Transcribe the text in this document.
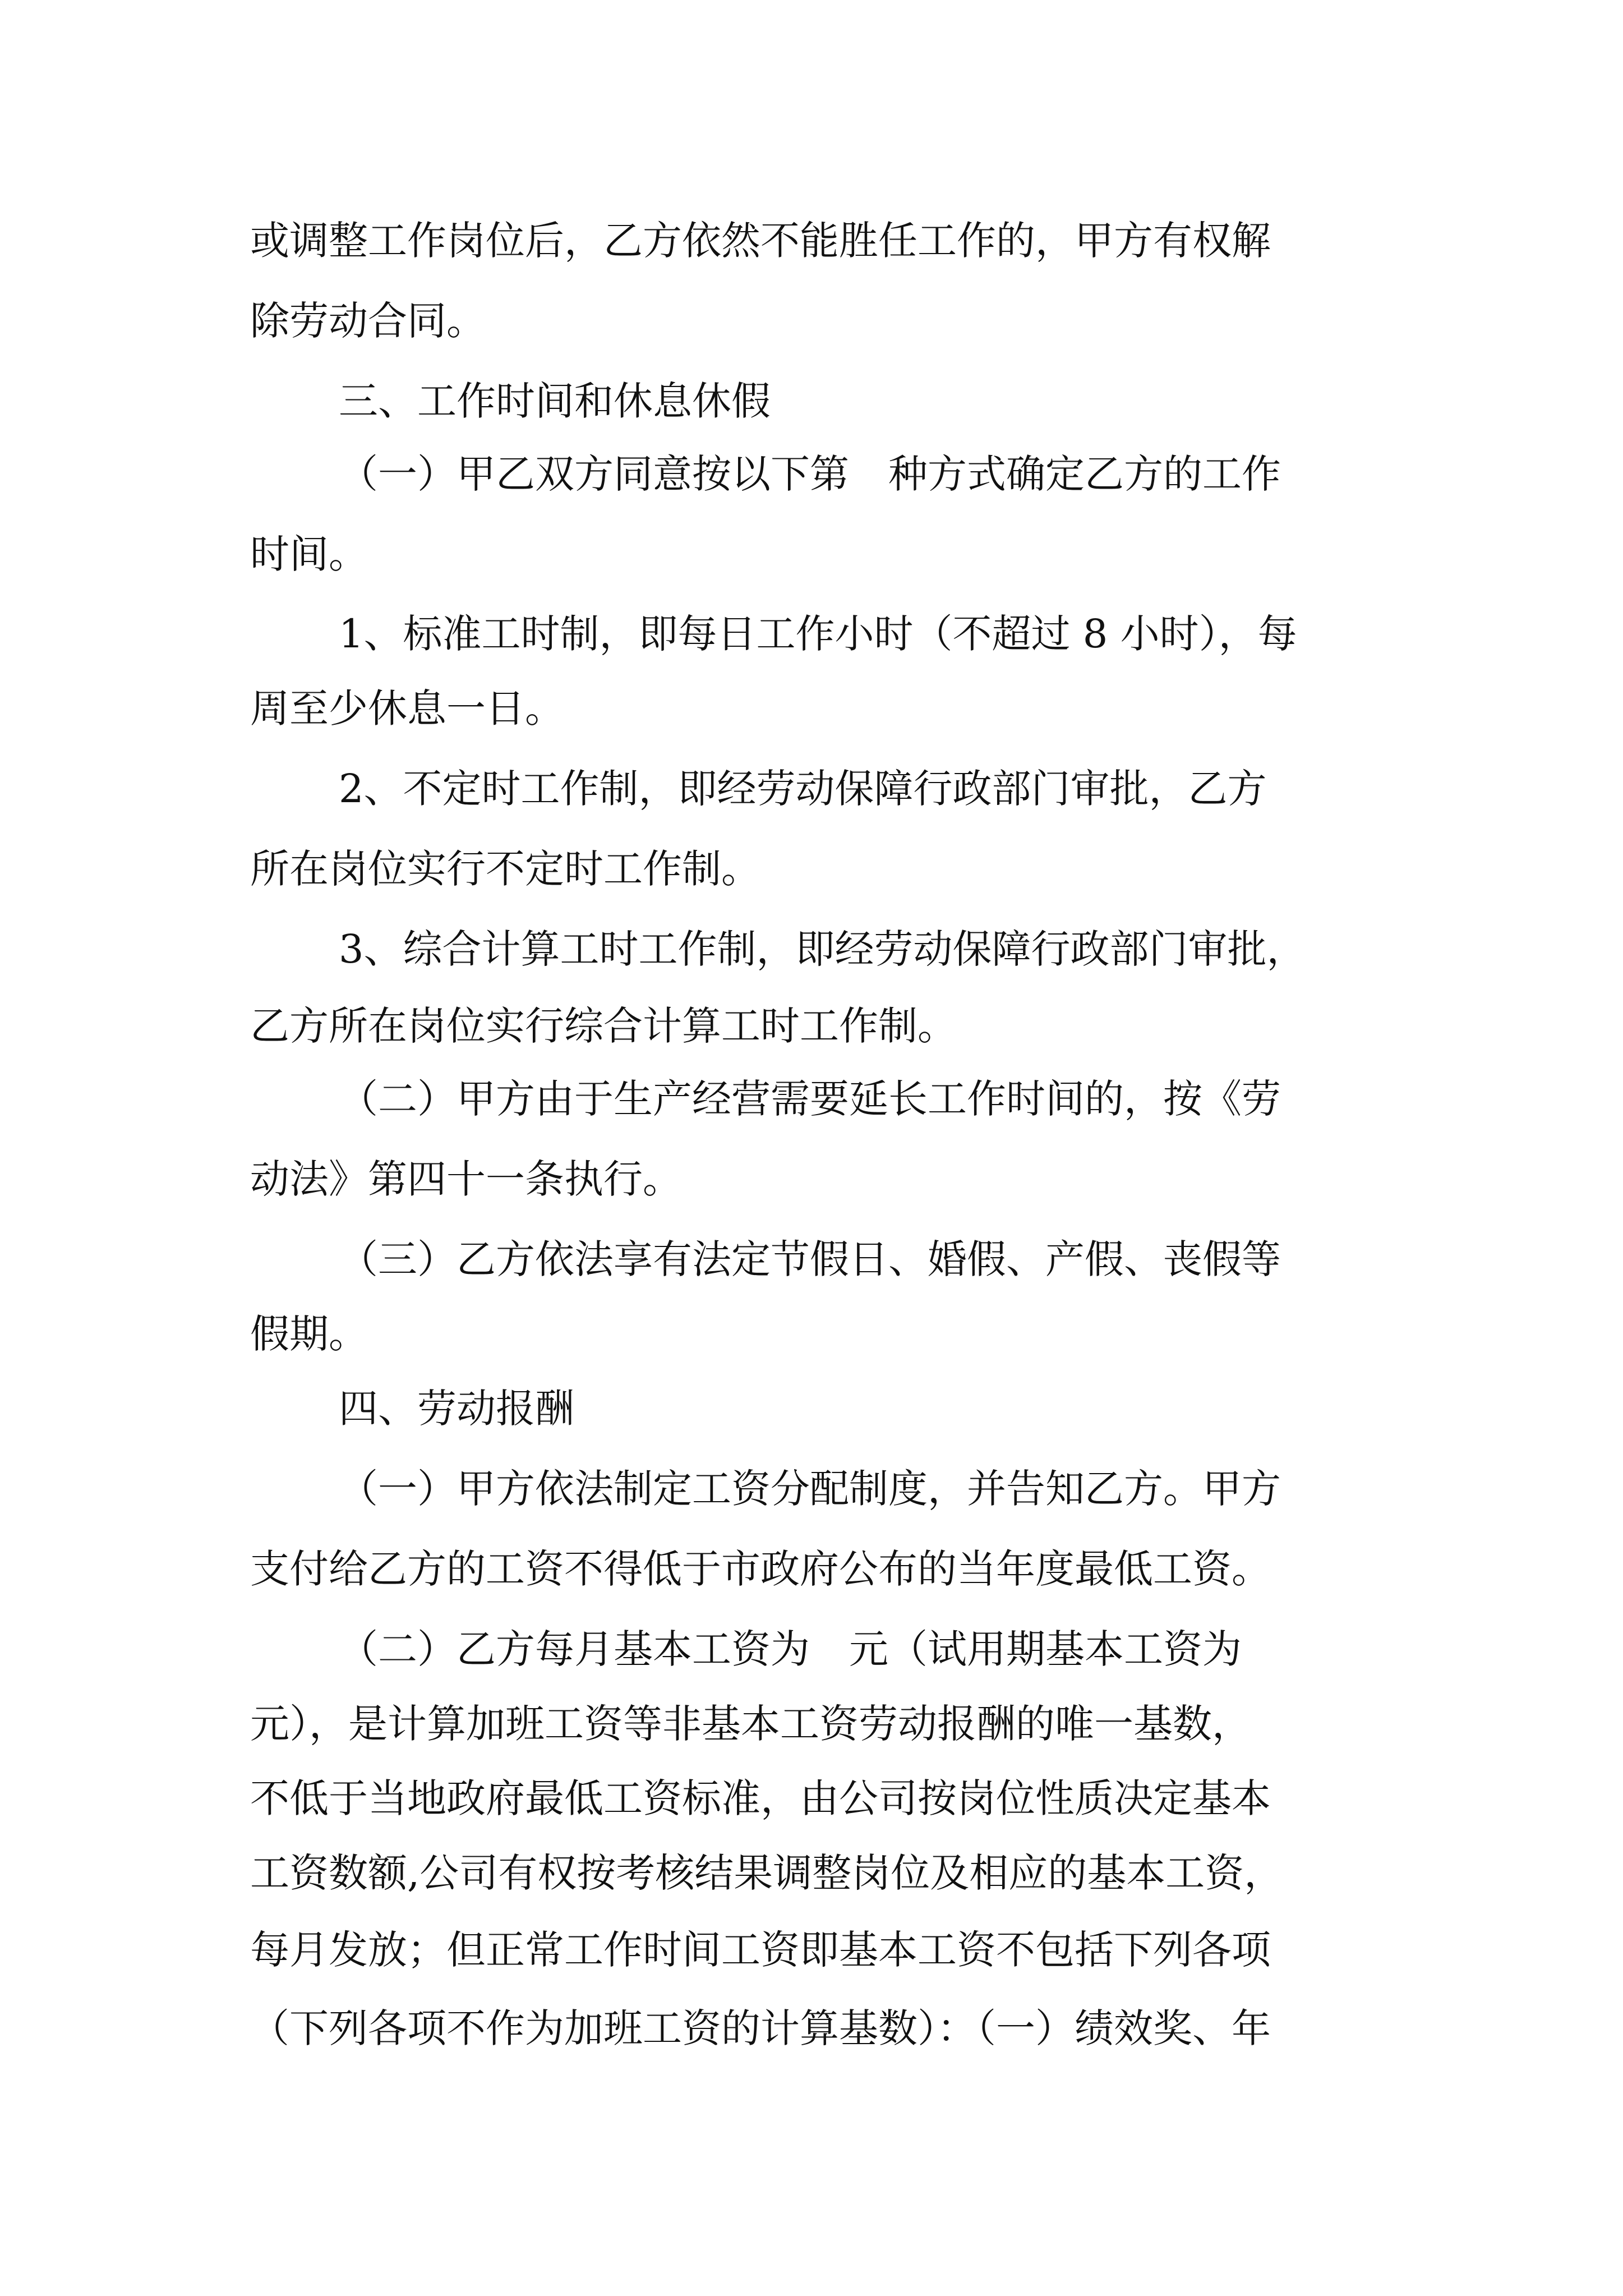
或调整工作岗位后，乙方依然不能胜任工作的，甲方有权解
除劳动合同。
三、工作时间和休息休假
（一）甲乙双方同意按以下第　种方式确定乙方的工作
时间。
1、标准工时制，即每日工作小时（不超过 8 小时），每
周至少休息一日。
2、不定时工作制，即经劳动保障行政部门审批，乙方
所在岗位实行不定时工作制。
3、综合计算工时工作制，即经劳动保障行政部门审批，
乙方所在岗位实行综合计算工时工作制。
（二）甲方由于生产经营需要延长工作时间的，按《劳
动法》第四十一条执行。
（三）乙方依法享有法定节假日、婚假、产假、丧假等
假期。
四、劳动报酬
（一）甲方依法制定工资分配制度，并告知乙方。甲方
支付给乙方的工资不得低于市政府公布的当年度最低工资。
（二）乙方每月基本工资为　元（试用期基本工资为
元），是计算加班工资等非基本工资劳动报酬的唯一基数，
不低于当地政府最低工资标准，由公司按岗位性质决定基本
工资数额,公司有权按考核结果调整岗位及相应的基本工资，
每月发放；但正常工作时间工资即基本工资不包括下列各项
（下列各项不作为加班工资的计算基数）：（一）绩效奖、年
